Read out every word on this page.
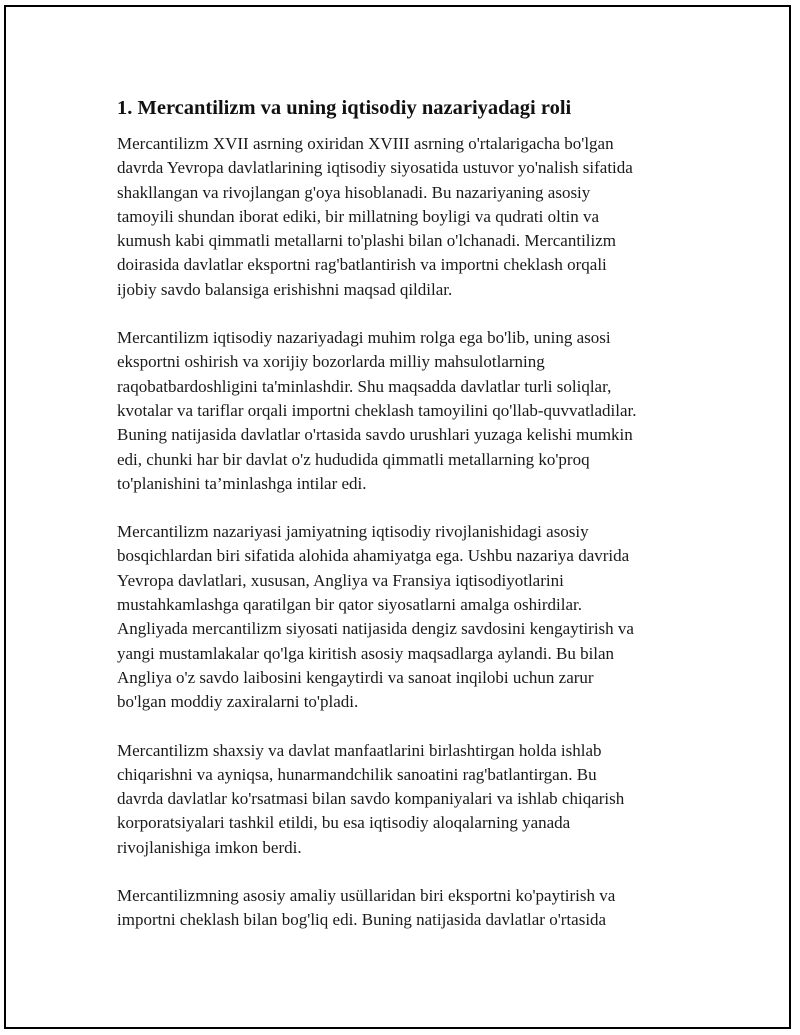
1. Mercantilizm va uning iqtisodiy nazariyadagi roli

Mercantilizm XVII asrning oxiridan XVIII asrning o'rtalarigacha bo'lgan
davrda Yevropa davlatlarining iqtisodiy siyosatida ustuvor yo'nalish sifatida
shakllangan va rivojlangan g'oya hisoblanadi. Bu nazariyaning asosiy
tamoyili shundan iborat ediki, bir millatning boyligi va qudrati oltin va
kumush kabi qimmatli metallarni to'plashi bilan o'lchanadi. Mercantilizm
doirasida davlatlar eksportni rag'batlantirish va importni cheklash orqali
ijobiy savdo balansiga erishishni maqsad qildilar.

Mercantilizm iqtisodiy nazariyadagi muhim rolga ega bo'lib, uning asosi
eksportni oshirish va xorijiy bozorlarda milliy mahsulotlarning
raqobatbardoshligini ta'minlashdir. Shu maqsadda davlatlar turli soliqlar,
kvotalar va tariflar orqali importni cheklash tamoyilini qo'llab-quvvatladilar.
Buning natijasida davlatlar o'rtasida savdo urushlari yuzaga kelishi mumkin
edi, chunki har bir davlat o'z hududida qimmatli metallarning ko'proq
to'planishini ta’minlashga intilar edi.

Mercantilizm nazariyasi jamiyatning iqtisodiy rivojlanishidagi asosiy
bosqichlardan biri sifatida alohida ahamiyatga ega. Ushbu nazariya davrida
Yevropa davlatlari, xususan, Angliya va Fransiya iqtisodiyotlarini
mustahkamlashga qaratilgan bir qator siyosatlarni amalga oshirdilar.
Angliyada mercantilizm siyosati natijasida dengiz savdosini kengaytirish va
yangi mustamlakalar qo'lga kiritish asosiy maqsadlarga aylandi. Bu bilan
Angliya o'z savdo laibosini kengaytirdi va sanoat inqilobi uchun zarur
bo'lgan moddiy zaxiralarni to'pladi.

Mercantilizm shaxsiy va davlat manfaatlarini birlashtirgan holda ishlab
chiqarishni va ayniqsa, hunarmandchilik sanoatini rag'batlantirgan. Bu
davrda davlatlar ko'rsatmasi bilan savdo kompaniyalari va ishlab chiqarish
korporatsiyalari tashkil etildi, bu esa iqtisodiy aloqalarning yanada
rivojlanishiga imkon berdi.

Mercantilizmning asosiy amaliy usüllaridan biri eksportni ko'paytirish va
importni cheklash bilan bog'liq edi. Buning natijasida davlatlar o'rtasida
